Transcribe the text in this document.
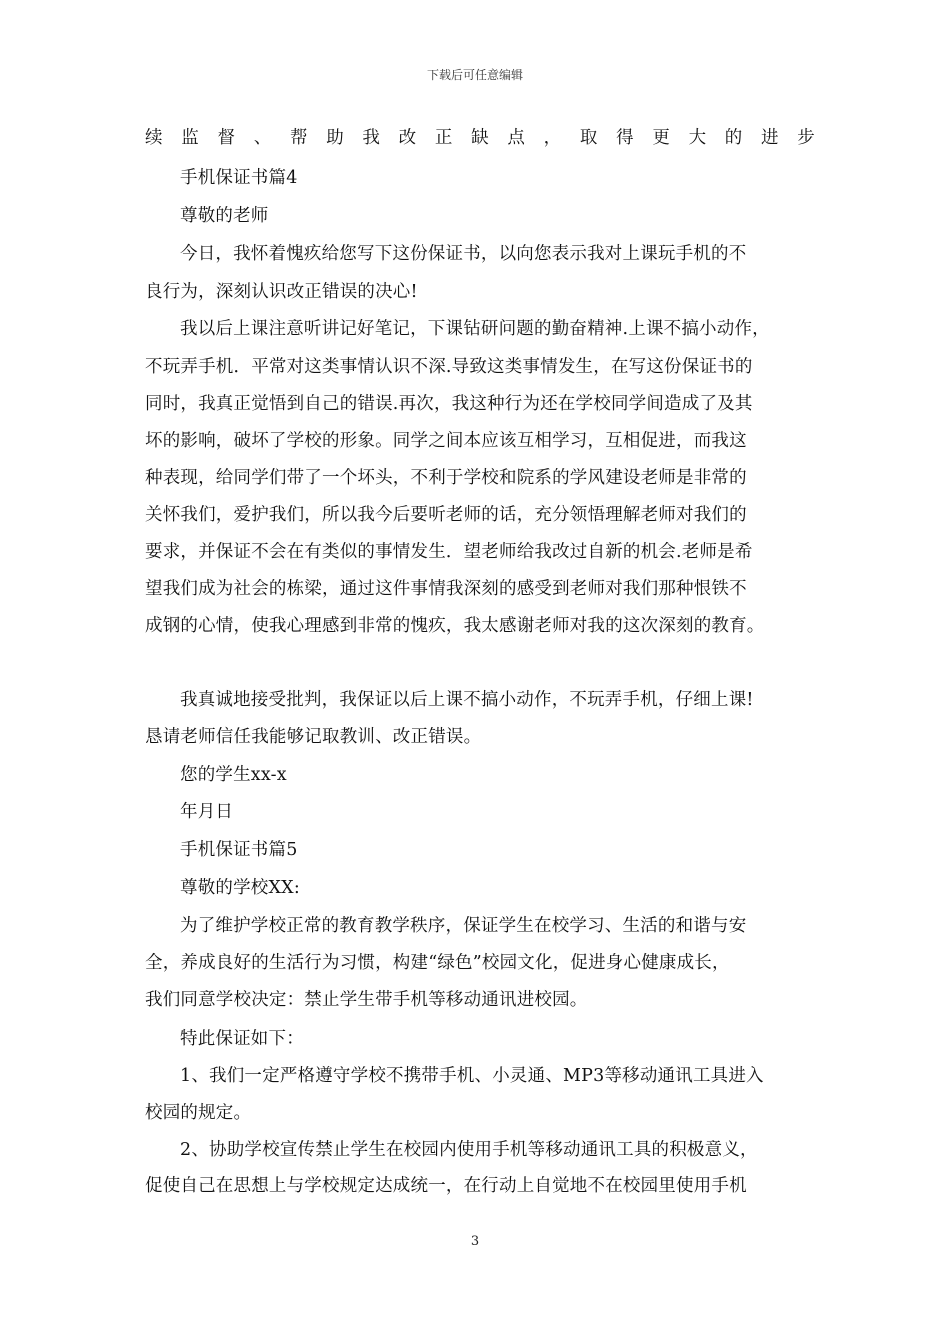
下载后可任意编辑
续监督、帮助我改正缺点，取得更大的进步
手机保证书篇4
尊敬的老师
今日，我怀着愧疚给您写下这份保证书，以向您表示我对上课玩手机的不
良行为，深刻认识改正错误的决心!
我以后上课注意听讲记好笔记，下课钻研问题的勤奋精神.上课不搞小动作，
不玩弄手机．平常对这类事情认识不深.导致这类事情发生，在写这份保证书的
同时，我真正觉悟到自己的错误.再次，我这种行为还在学校同学间造成了及其
坏的影响，破坏了学校的形象。同学之间本应该互相学习，互相促进，而我这
种表现，给同学们带了一个坏头，不利于学校和院系的学风建设老师是非常的
关怀我们，爱护我们，所以我今后要听老师的话，充分领悟理解老师对我们的
要求，并保证不会在有类似的事情发生．望老师给我改过自新的机会.老师是希
望我们成为社会的栋梁，通过这件事情我深刻的感受到老师对我们那种恨铁不
成钢的心情，使我心理感到非常的愧疚，我太感谢老师对我的这次深刻的教育。
我真诚地接受批判，我保证以后上课不搞小动作，不玩弄手机，仔细上课!
恳请老师信任我能够记取教训、改正错误。
您的学生xx-x
年月日
手机保证书篇5
尊敬的学校XX:
为了维护学校正常的教育教学秩序，保证学生在校学习、生活的和谐与安
全，养成良好的生活行为习惯，构建“绿色”校园文化，促进身心健康成长，
我们同意学校决定：禁止学生带手机等移动通讯进校园。
特此保证如下：
1、我们一定严格遵守学校不携带手机、小灵通、MP3等移动通讯工具进入
校园的规定。
2、协助学校宣传禁止学生在校园内使用手机等移动通讯工具的积极意义，
促使自己在思想上与学校规定达成统一，在行动上自觉地不在校园里使用手机
3
